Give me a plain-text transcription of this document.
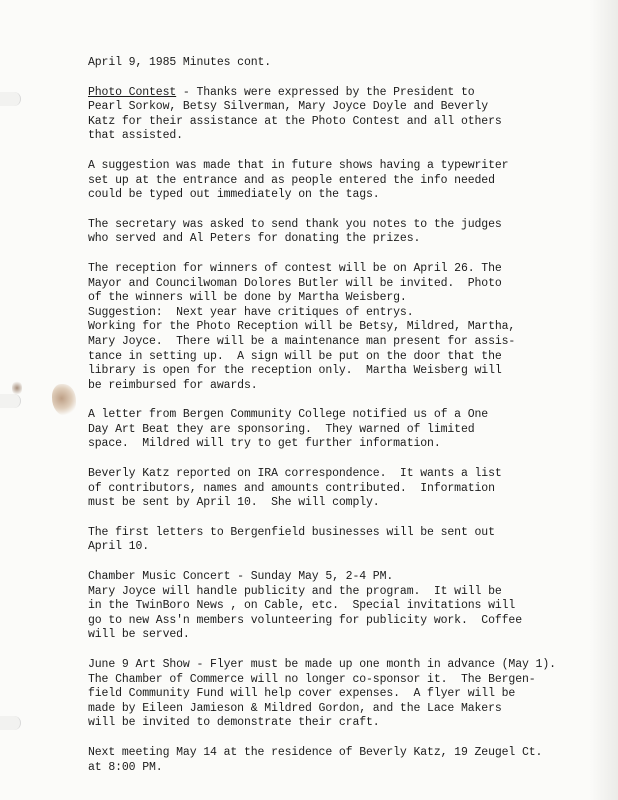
April 9, 1985 Minutes cont.

Photo Contest - Thanks were expressed by the President to
Pearl Sorkow, Betsy Silverman, Mary Joyce Doyle and Beverly
Katz for their assistance at the Photo Contest and all others
that assisted.

A suggestion was made that in future shows having a typewriter
set up at the entrance and as people entered the info needed
could be typed out immediately on the tags.

The secretary was asked to send thank you notes to the judges
who served and Al Peters for donating the prizes.

The reception for winners of contest will be on April 26. The
Mayor and Councilwoman Dolores Butler will be invited.  Photo
of the winners will be done by Martha Weisberg.
Suggestion:  Next year have critiques of entrys.
Working for the Photo Reception will be Betsy, Mildred, Martha,
Mary Joyce.  There will be a maintenance man present for assis-
tance in setting up.  A sign will be put on the door that the
library is open for the reception only.  Martha Weisberg will
be reimbursed for awards.

A letter from Bergen Community College notified us of a One
Day Art Beat they are sponsoring.  They warned of limited
space.  Mildred will try to get further information.

Beverly Katz reported on IRA correspondence.  It wants a list
of contributors, names and amounts contributed.  Information
must be sent by April 10.  She will comply.

The first letters to Bergenfield businesses will be sent out
April 10.

Chamber Music Concert - Sunday May 5, 2-4 PM.
Mary Joyce will handle publicity and the program.  It will be
in the TwinBoro News , on Cable, etc.  Special invitations will
go to new Ass'n members volunteering for publicity work.  Coffee
will be served.

June 9 Art Show - Flyer must be made up one month in advance (May 1).
The Chamber of Commerce will no longer co-sponsor it.  The Bergen-
field Community Fund will help cover expenses.  A flyer will be
made by Eileen Jamieson & Mildred Gordon, and the Lace Makers
will be invited to demonstrate their craft.

Next meeting May 14 at the residence of Beverly Katz, 19 Zeugel Ct.
at 8:00 PM.
